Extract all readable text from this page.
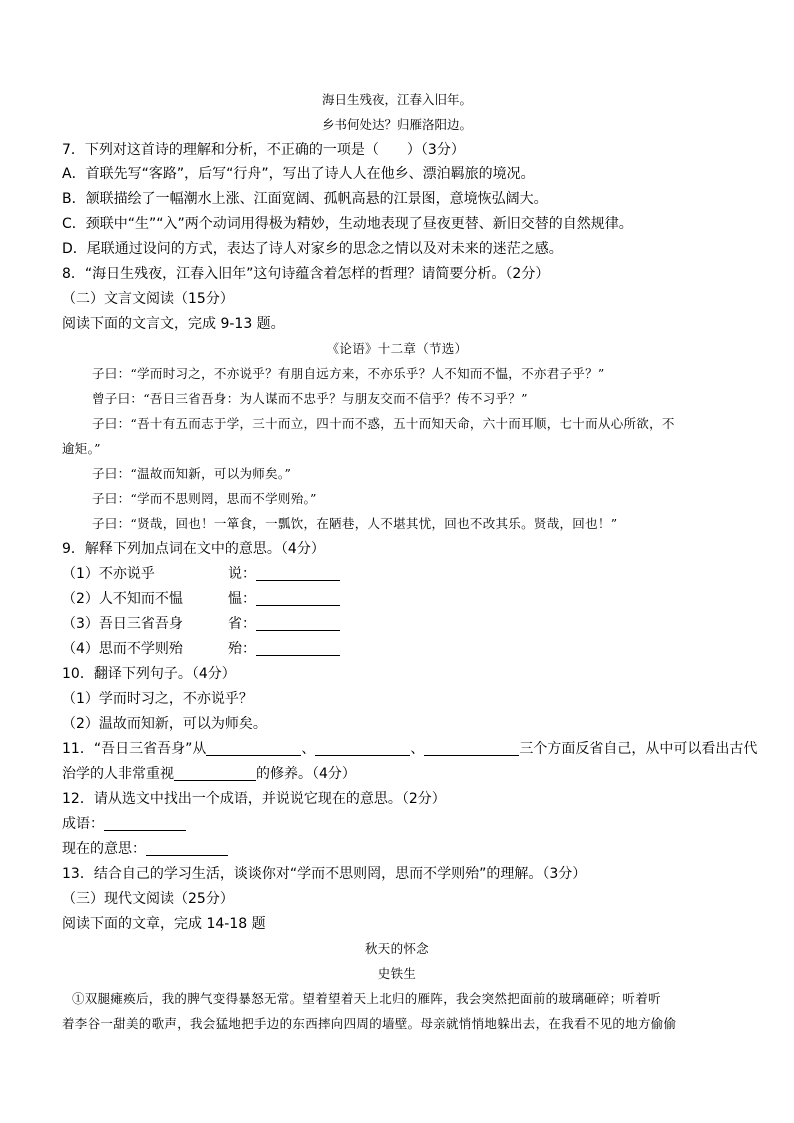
海日生残夜，江春入旧年。
乡书何处达？归雁洛阳边。
7．下列对这首诗的理解和分析，不正确的一项是（　　）（3分）
A．首联先写“客路”，后写“行舟”，写出了诗人人在他乡、漂泊羁旅的境况。
B．颔联描绘了一幅潮水上涨、江面宽阔、孤帆高悬的江景图，意境恢弘阔大。
C．颈联中“生”“入”两个动词用得极为精妙，生动地表现了昼夜更替、新旧交替的自然规律。
D．尾联通过设问的方式，表达了诗人对家乡的思念之情以及对未来的迷茫之感。
8．“海日生残夜，江春入旧年”这句诗蕴含着怎样的哲理？请简要分析。（2分）
（二）文言文阅读（15分）
阅读下面的文言文，完成 9-13 题。
《论语》十二章（节选）
子曰：“学而时习之，不亦说乎？有朋自远方来，不亦乐乎？人不知而不愠，不亦君子乎？”
曾子曰：“吾日三省吾身：为人谋而不忠乎？与朋友交而不信乎？传不习乎？”
子曰：“吾十有五而志于学，三十而立，四十而不惑，五十而知天命，六十而耳顺，七十而从心所欲，不
逾矩。”
子曰：“温故而知新，可以为师矣。”
子曰：“学而不思则罔，思而不学则殆。”
子曰：“贤哉，回也！一箪食，一瓢饮，在陋巷，人不堪其忧，回也不改其乐。贤哉，回也！”
9．解释下列加点词在文中的意思。（4分）
（1）不亦说乎	说：
（2）人不知而不愠	愠：
（3）吾日三省吾身	省：
（4）思而不学则殆	殆：
10．翻译下列句子。（4分）
（1）学而时习之，不亦说乎？
（2）温故而知新，可以为师矣。
11．“吾日三省吾身”从	、	、	三个方面反省自己，从中可以看出古代
治学的人非常重视	的修养。（4分）
12．请从选文中找出一个成语，并说说它现在的意思。（2分）
成语：
现在的意思：
13．结合自己的学习生活，谈谈你对“学而不思则罔，思而不学则殆”的理解。（3分）
（三）现代文阅读（25分）
阅读下面的文章，完成 14-18 题
秋天的怀念
史铁生
①双腿瘫痪后，我的脾气变得暴怒无常。望着望着天上北归的雁阵，我会突然把面前的玻璃砸碎；听着听
着李谷一甜美的歌声，我会猛地把手边的东西摔向四周的墙壁。母亲就悄悄地躲出去，在我看不见的地方偷偷
